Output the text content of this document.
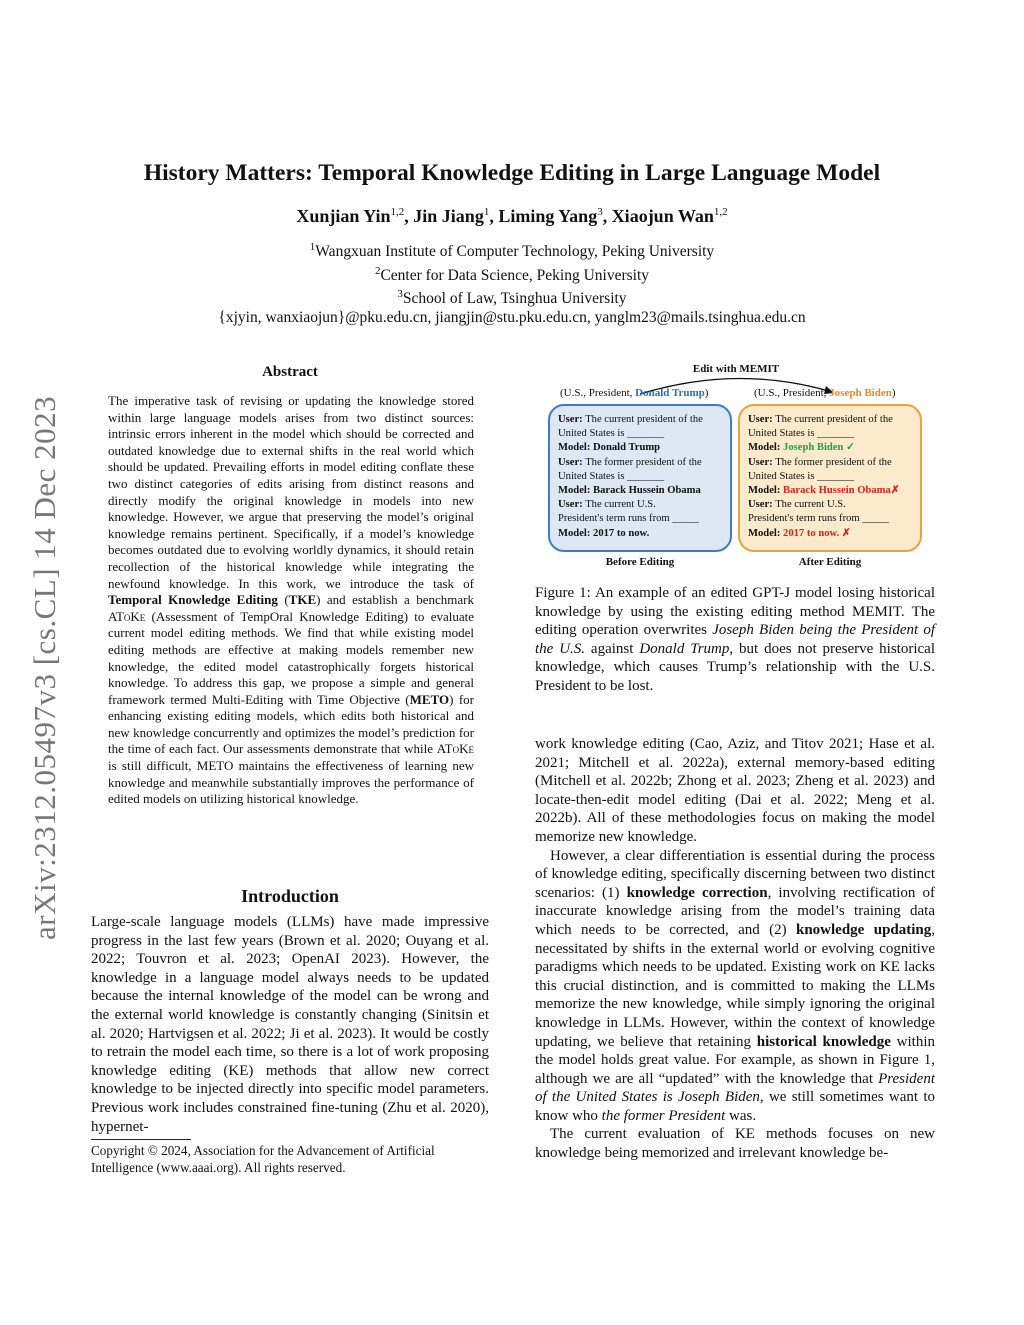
arXiv:2312.05497v3 [cs.CL] 14 Dec 2023
History Matters: Temporal Knowledge Editing in Large Language Model
Xunjian Yin$^{1,2}$, Jin Jiang$^1$, Liming Yang$^3$, Xiaojun Wan$^{1,2}$
$^1$Wangxuan Institute of Computer Technology, Peking University
$^2$Center for Data Science, Peking University
$^3$School of Law, Tsinghua University
{xjyin, wanxiaojun}@pku.edu.cn, jiangjin@stu.pku.edu.cn, yanglm23@mails.tsinghua.edu.cn
Abstract
The imperative task of revising or updating the knowledge stored within large language models arises from two distinct sources: intrinsic errors inherent in the model which should be corrected and outdated knowledge due to external shifts in the real world which should be updated. Prevailing efforts in model editing conflate these two distinct categories of edits arising from distinct reasons and directly modify the original knowledge in models into new knowledge. However, we argue that preserving the model’s original knowledge remains pertinent. Specifically, if a model’s knowledge becomes outdated due to evolving worldly dynamics, it should retain recollection of the historical knowledge while integrating the newfound knowledge. In this work, we introduce the task of Temporal Knowledge Editing (TKE) and establish a benchmark AToKe (Assessment of TempOral Knowledge Editing) to evaluate current model editing methods. We find that while existing model editing methods are effective at making models remember new knowledge, the edited model catastrophically forgets historical knowledge. To address this gap, we propose a simple and general framework termed Multi-Editing with Time Objective (METO) for enhancing existing editing models, which edits both historical and new knowledge concurrently and optimizes the model’s prediction for the time of each fact. Our assessments demonstrate that while AToKe is still difficult, METO maintains the effectiveness of learning new knowledge and meanwhile substantially improves the performance of edited models on utilizing historical knowledge.
Introduction

Large-scale language models (LLMs) have made impressive progress in the last few years (Brown et al. 2020; Ouyang et al. 2022; Touvron et al. 2023; OpenAI 2023). However, the knowledge in a language model always needs to be updated because the internal knowledge of the model can be wrong and the external world knowledge is constantly changing (Sinitsin et al. 2020; Hartvigsen et al. 2022; Ji et al. 2023). It would be costly to retrain the model each time, so there is a lot of work proposing knowledge editing (KE) methods that allow new correct knowledge to be injected directly into specific model parameters. Previous work includes constrained fine-tuning (Zhu et al. 2020), hypernet-

Copyright © 2024, Association for the Advancement of Artificial Intelligence (www.aaai.org). All rights reserved.
Edit with MEMIT
(U.S., President, Donald Trump)	(U.S., President, Joseph Biden)
User: The current president of the
United States is _______
Model: Donald Trump
User: The former president of the
United States is _______
Model: Barack Hussein Obama
User: The current U.S.
President's term runs from _____
Model: 2017 to now.
User: The current president of the
United States is _______
Model: Joseph Biden ✓
User: The former president of the
United States is _______
Model: Barack Hussein Obama✗
User: The current U.S.
President's term runs from _____
Model: 2017 to now. ✗
Before Editing	After Editing

Figure 1: An example of an edited GPT-J model losing historical knowledge by using the existing editing method MEMIT. The editing operation overwrites Joseph Biden being the President of the U.S. against Donald Trump, but does not preserve historical knowledge, which causes Trump’s relationship with the U.S. President to be lost.

work knowledge editing (Cao, Aziz, and Titov 2021; Hase et al. 2021; Mitchell et al. 2022a), external memory-based editing (Mitchell et al. 2022b; Zhong et al. 2023; Zheng et al. 2023) and locate-then-edit model editing (Dai et al. 2022; Meng et al. 2022b). All of these methodologies focus on making the model memorize new knowledge.

However, a clear differentiation is essential during the process of knowledge editing, specifically discerning between two distinct scenarios: (1) knowledge correction, involving rectification of inaccurate knowledge arising from the model’s training data which needs to be corrected, and (2) knowledge updating, necessitated by shifts in the external world or evolving cognitive paradigms which needs to be updated. Existing work on KE lacks this crucial distinction, and is committed to making the LLMs memorize the new knowledge, while simply ignoring the original knowledge in LLMs. However, within the context of knowledge updating, we believe that retaining historical knowledge within the model holds great value. For example, as shown in Figure 1, although we are all “updated” with the knowledge that President of the United States is Joseph Biden, we still sometimes want to know who the former President was.

The current evaluation of KE methods focuses on new knowledge being memorized and irrelevant knowledge be-
